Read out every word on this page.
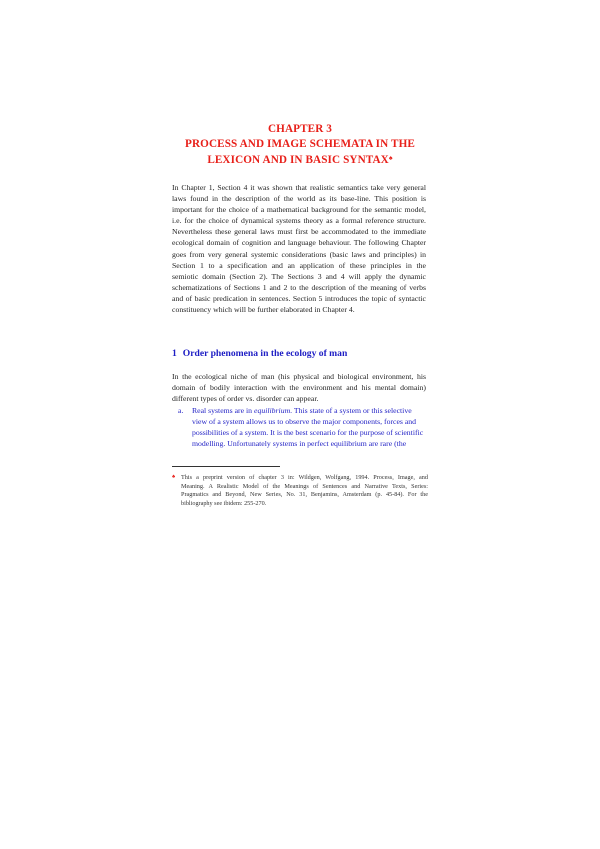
CHAPTER 3
PROCESS AND IMAGE SCHEMATA IN THE
LEXICON AND IN BASIC SYNTAX♠
In Chapter 1, Section 4 it was shown that realistic semantics take very general
laws found in the description of the world as its base-line. This position is
important for the choice of a mathematical background for the semantic model,
i.e. for the choice of dynamical systems theory as a formal reference structure.
Nevertheless these general laws must first be accommodated to the immediate
ecological domain of cognition and language behaviour. The following Chapter
goes from very general systemic considerations (basic laws and principles) in
Section 1 to a specification and an application of these principles in the
semiotic domain (Section 2). The Sections 3 and 4 will apply the dynamic
schematizations of Sections 1 and 2 to the description of the meaning of verbs
and of basic predication in sentences. Section 5 introduces the topic of syntactic
constituency which will be further elaborated in Chapter 4.
1 Order phenomena in the ecology of man
In the ecological niche of man (his physical and biological environment, his
domain of bodily interaction with the environment and his mental domain)
different types of order vs. disorder can appear.
a. Real systems are in equilibrium. This state of a system or this selective
view of a system allows us to observe the major components, forces and
possibilities of a system. It is the best scenario for the purpose of scientific
modelling. Unfortunately systems in perfect equilibrium are rare (the
♠ This a preprint version of chapter 3 in: Wildgen, Wolfgang, 1994. Process, Image, and
Meaning. A Realistic Model of the Meanings of Sentences and Narrative Texts, Series:
Pragmatics and Beyond, New Series, No. 31, Benjamins, Amsterdam (p. 45-84). For the
bibliography see ibidem: 255-270.
